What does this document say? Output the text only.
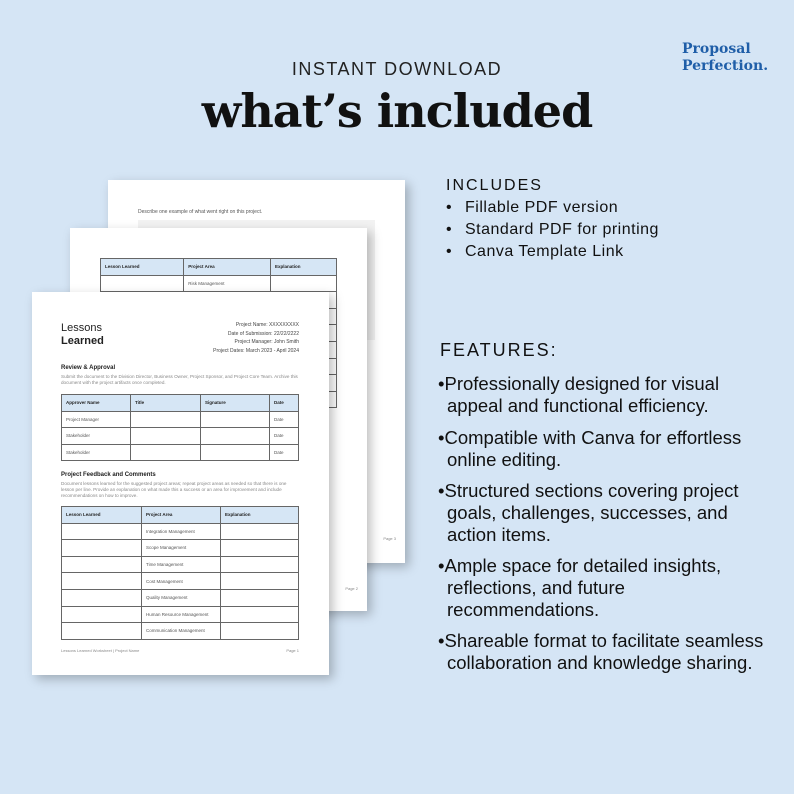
INSTANT DOWNLOAD
what’s included
Proposal
Perfection.
Describe one example of what went right on this project.
Page 3
Lesson Learned	Project Area	Explanation
	Risk Management	

Page 2
Lessons
Learned
Project Name: XXXXXXXXX
Date of Submission: 22/22/2222
Project Manager: John Smith
Project Dates: March 2023 - April 2024
Review & Approval
Submit the document to the Division Director, Business Owner, Project Sponsor, and Project Core Team. Archive this document with the project artifacts once completed.
Approver Name	Title	Signature	Date
Project Manager			Date
Stakeholder			Date
Stakeholder			Date
Project Feedback and Comments
Document lessons learned for the suggested project areas; repeat project areas as needed so that there is one lesson per line. Provide an explanation on what made this a success or an area for improvement and include recommendations on how to improve.
Lesson Learned	Project Area	Explanation
	Integration Management	
	Scope Management	
	Time Management	
	Cost Management	
	Quality Management	
	Human Resource Management	
	Communication Management	
Lessons Learned Worksheet | Project Name	Page 1
INCLUDES
• Fillable PDF version
• Standard PDF for printing
• Canva Template Link
FEATURES:
•Professionally designed for visual appeal and functional efficiency.
•Compatible with Canva for effortless online editing.
•Structured sections covering project goals, challenges, successes, and action items.
•Ample space for detailed insights, reflections, and future recommendations.
•Shareable format to facilitate seamless collaboration and knowledge sharing.
